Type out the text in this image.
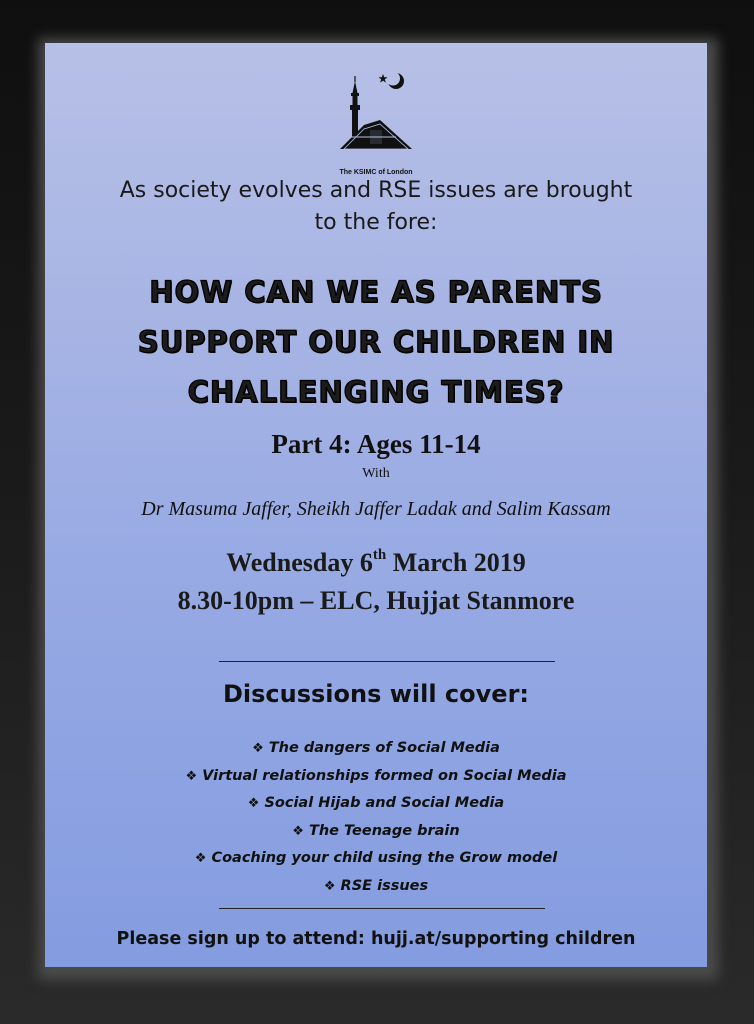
The KSIMC of London
As society evolves and RSE issues are brought
to the fore:
HOW CAN WE AS PARENTS
SUPPORT OUR CHILDREN IN
CHALLENGING TIMES?
Part 4: Ages 11-14
With
Dr Masuma Jaffer, Sheikh Jaffer Ladak and Salim Kassam
Wednesday 6th March 2019
8.30-10pm – ELC, Hujjat Stanmore
Discussions will cover:
❖ The dangers of Social Media
❖ Virtual relationships formed on Social Media
❖ Social Hijab and Social Media
❖ The Teenage brain
❖ Coaching your child using the Grow model
❖ RSE issues
Please sign up to attend: hujj.at/supporting children
